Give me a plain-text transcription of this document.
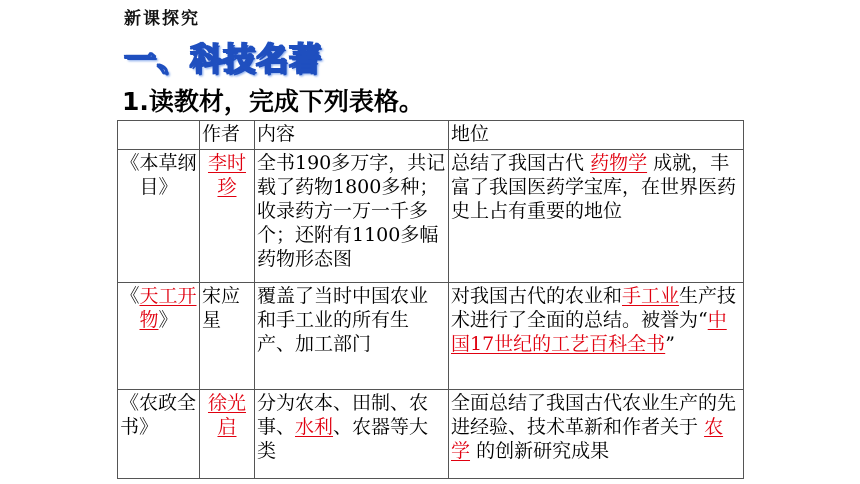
新课探究
一、科技名著
1.读教材，完成下列表格。
	作者	内容	地位
《本草纲目》	李时珍	全书190多万字，共记载了药物1800多种；收录药方一万一千多个；还附有1100多幅药物形态图	总结了我国古代 药物学 成就，丰富了我国医药学宝库，在世界医药史上占有重要的地位
《天工开物》	宋应星	覆盖了当时中国农业和手工业的所有生产、加工部门	对我国古代的农业和手工业生产技术进行了全面的总结。被誉为“中国17世纪的工艺百科全书”
《农政全书》	徐光启	分为农本、田制、农事、水利、农器等大类	全面总结了我国古代农业生产的先进经验、技术革新和作者关于 农学 的创新研究成果
